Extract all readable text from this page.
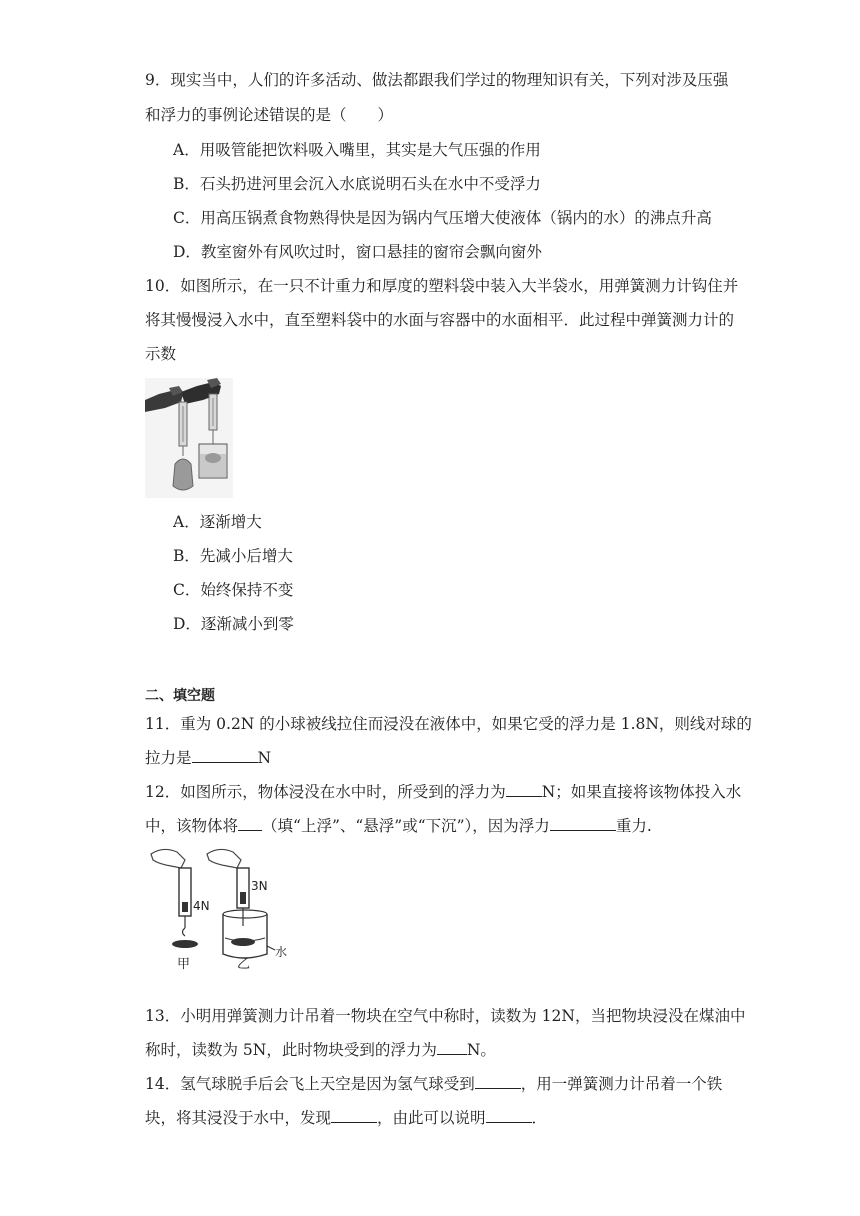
9．现实当中，人们的许多活动、做法都跟我们学过的物理知识有关，下列对涉及压强
和浮力的事例论述错误的是（　　）
A．用吸管能把饮料吸入嘴里，其实是大气压强的作用
B．石头扔进河里会沉入水底说明石头在水中不受浮力
C．用高压锅煮食物熟得快是因为锅内气压增大使液体（锅内的水）的沸点升高
D．教室窗外有风吹过时，窗口悬挂的窗帘会飘向窗外
10．如图所示，在一只不计重力和厚度的塑料袋中装入大半袋水，用弹簧测力计钩住并
将其慢慢浸入水中，直至塑料袋中的水面与容器中的水面相平．此过程中弹簧测力计的
示数
A．逐渐增大
B．先减小后增大
C．始终保持不变
D．逐渐减小到零
二、填空题
11．重为 0.2N 的小球被线拉住而浸没在液体中，如果它受的浮力是 1.8N，则线对球的
拉力是	N
12．如图所示，物体浸没在水中时，所受到的浮力为 N；如果直接将该物体投入水
中，该物体将 （填“上浮”、“悬浮”或“下沉”），因为浮力	重力.
4N
3N
水
甲	乙
13．小明用弹簧测力计吊着一物块在空气中称时，读数为 12N，当把物块浸没在煤油中
称时，读数为 5N，此时物块受到的浮力为 N。
14．氢气球脱手后会飞上天空是因为氢气球受到	，用一弹簧测力计吊着一个铁
块，将其浸没于水中，发现	，由此可以说明	．
